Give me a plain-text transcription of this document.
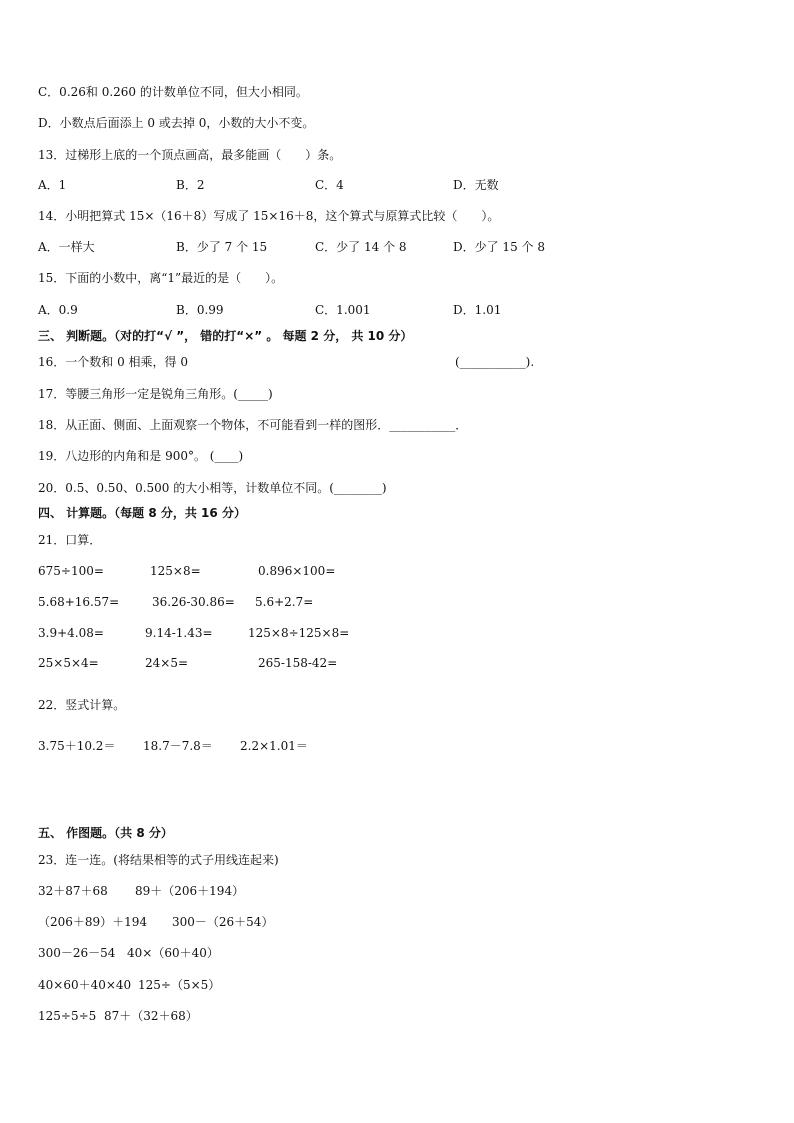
C．0.26和 0.260 的计数单位不同，但大小相同。
D．小数点后面添上 0 或去掉 0，小数的大小不变。
13．过梯形上底的一个顶点画高，最多能画（　　）条。
A．1	B．2	C．4	D．无数
14．小明把算式 15×（16＋8）写成了 15×16＋8，这个算式与原算式比较（　　）。
A．一样大	B．少了 7 个 15	C．少了 14 个 8	D．少了 15 个 8
15．下面的小数中，离“1”最近的是（　　）。
A．0.9	B．0.99	C．1.001	D．1.01
三、 判断题。（对的打“√ ”， 错的打“×” 。 每题 2 分， 共 10 分）
16．一个数和 0 相乘，得 0	(___________).
17．等腰三角形一定是锐角三角形。(_____)
18．从正面、侧面、上面观察一个物体，不可能看到一样的图形．___________．
19．八边形的内角和是 900°。 (____)
20．0.5、0.50、0.500 的大小相等，计数单位不同。(________)
四、 计算题。（每题 8 分，共 16 分）
21．口算．
675÷100=	125×8=	0.896×100=
5.68+16.57=	36.26-30.86= 5.6+2.7=
3.9+4.08=	9.14-1.43=	125×8÷125×8=
25×5×4=	24×5=	265-158-42=
22．竖式计算。
3.75＋10.2＝ 18.7－7.8＝ 2.2×1.01＝
五、 作图题。（共 8 分）
23．连一连。(将结果相等的式子用线连起来)
32＋87＋68 89＋（206＋194）
（206＋89）＋194 300－（26＋54）
300－26－54 40×（60＋40）
40×60＋40×40 125÷（5×5）
125÷5÷5 87＋（32＋68）
